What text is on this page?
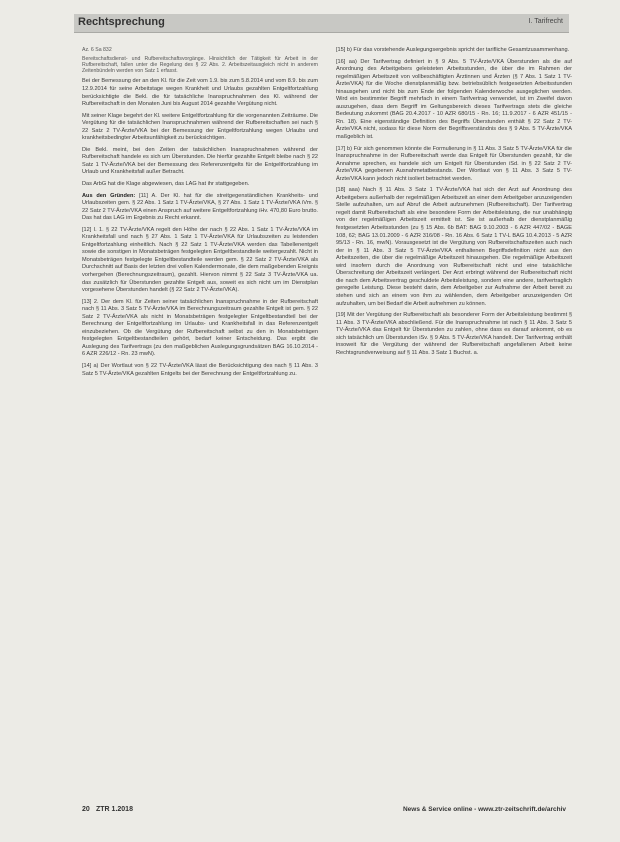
Rechtsprechung	I. Tarifrecht
Az. 6 Sa 832

Bereitschaftsdienst- und Rufbereitschaftsvorgänge. Hinsichtlich der Tätigkeit für Arbeit in der Rufbereitschaft, fallen unter die Regelung des § 22 Abs. 2. Arbeitszeitausgleich nicht in anderem Zeitenbündeln werden von Satz 1 erfasst.

Bei der Bemessung der an den Kl. für die Zeit vom 1.9. bis zum 5.8.2014 und vom 8.9. bis zum 12.9.2014 für seine Arbeitstage wegen Krankheit und Urlaubs gezahlten Entgeltfortzahlung berücksichtigte die Bekl. die für tatsächliche Inanspruchnahmen des Kl. während der Rufbereitschaft in den Monaten Juni bis August 2014 gezahlte Vergütung nicht.

Mit seiner Klage begehrt der Kl. weitere Entgeltfortzahlung für die vorgenannten Zeiträume. Die Vergütung für die tatsächlichen Inanspruchnahmen während der Rufbereitschaften sei nach § 22 Satz 2 TV-Ärzte/VKA bei der Bemessung der Entgeltfortzahlung wegen Urlaubs und krankheitsbedingter Arbeitsunfähigkeit zu berücksichtigen.

Die Bekl. meint, bei den Zeiten der tatsächlichen Inanspruchnahmen während der Rufbereitschaft handele es sich um Überstunden. Die hierfür gezahlte Entgelt bleibe nach § 22 Satz 1 TV-Ärzte/VKA bei der Bemessung des Referenzentgelts für die Entgeltfortzahlung im Urlaub und Krankheitsfall außer Betracht.

Das ArbG hat die Klage abgewiesen, das LAG hat ihr stattgegeben.

Aus den Gründen: [11] A. Der Kl. hat für die streitgegenständlichen Krankheits- und Urlaubszeiten gem. § 22 Abs. 1 Satz 1 TV-Ärzte/VKA, § 27 Abs. 1 Satz 1 TV-Ärzte/VKA iVm. § 22 Satz 2 TV-Ärzte/VKA einen Anspruch auf weitere Entgeltfortzahlung iHv. 470,80 Euro brutto. Das hat das LAG im Ergebnis zu Recht erkannt.

[12] I. 1. § 22 TV-Ärzte/VKA regelt den Höhe der nach § 22 Abs. 1 Satz 1 TV-Ärzte/VKA im Krankheitsfall und nach § 27 Abs. 1 Satz 1 TV-Ärzte/VKA für Urlaubszeiten zu leistenden Entgeltfortzahlung einheitlich. Nach § 22 Satz 1 TV-Ärzte/VKA werden das Tabellenentgelt sowie die sonstigen in Monatsbeträgen festgelegten Entgeltbestandteile weitergezahlt. Nicht in Monatsbeträgen festgelegte Entgeltbestandteile werden gem. § 22 Satz 2 TV-Ärzte/VKA als Durchschnitt auf Basis der letzten drei vollen Kalendermonate, die dem maßgebenden Ereignis vorhergehen (Berechnungszeitraum), gezahlt. Hiervon nimmt § 22 Satz 3 TV-Ärzte/VKA ua. das zusätzlich für Überstunden gezahlte Entgelt aus, soweit es sich nicht um im Dienstplan vorgesehene Überstunden handelt (§ 22 Satz 2 TV-Ärzte/VKA).

[13] 2. Der dem Kl. für Zeiten seiner tatsächlichen Inanspruchnahme in der Rufbereitschaft nach § 11 Abs. 3 Satz 5 TV-Ärzte/VKA im Berechnungszeitraum gezahlte Entgelt ist gem. § 22 Satz 2 TV-Ärzte/VKA als nicht in Monatsbeträgen festgelegter Entgeltbestandteil bei der Berechnung der Entgeltfortzahlung im Urlaubs- und Krankheitsfall in das Referenzentgelt einzubeziehen. Ob die Vergütung der Rufbereitschaft selbst zu den in Monatsbeträgen festgelegten Entgeltbestandteilen gehört, bedarf keiner Entscheidung. Das ergibt die Auslegung des Tarifvertrags (zu den maßgeblichen Auslegungsgrundsätzen BAG 16.10.2014 - 6 AZR 226/12 - Rn. 23 mwN).

[14] a) Der Wortlaut von § 22 TV-Ärzte/VKA lässt die Berücksichtigung des nach § 11 Abs. 3 Satz 5 TV-Ärzte/VKA gezahlten Entgelts bei der Berechnung der Entgeltfortzahlung zu.

[15] b) Für das vorstehende Auslegungsergebnis spricht der tarifliche Gesamtzusammenhang.

[16] aa) Der Tarifvertrag definiert in § 9 Abs. 5 TV-Ärzte/VKA Überstunden als die auf Anordnung des Arbeitgebers geleisteten Arbeitsstunden, die über die im Rahmen der regelmäßigen Arbeitszeit von vollbeschäftigten Ärztinnen und Ärzten (§ 7 Abs. 1 Satz 1 TV-Ärzte/VKA) für die Woche dienstplanmäßig bzw. betriebsüblich festgesetzten Arbeitsstunden hinausgehen und nicht bis zum Ende der folgenden Kalenderwoche ausgeglichen werden. Wird ein bestimmter Begriff mehrfach in einem Tarifvertrag verwendet, ist im Zweifel davon auszugehen, dass dem Begriff im Geltungsbereich dieses Tarifvertrags stets die gleiche Bedeutung zukommt (BAG 20.4.2017 - 10 AZR 680/15 - Rn. 16; 11.9.2017 - 6 AZR 451/15 - Rn. 18). Eine eigenständige Definition des Begriffs Überstunden enthält § 22 Satz 2 TV-Ärzte/VKA nicht, sodass für diese Norm der Begriffsverständnis des § 9 Abs. 5 TV-Ärzte/VKA maßgeblich ist.

[17] b) Für sich genommen könnte die Formulierung in § 11 Abs. 3 Satz 5 TV-Ärzte/VKA für die Inanspruchnahme in der Rufbereitschaft werde das Entgelt für Überstunden gezahlt, für die Annahme sprechen, es handele sich um Entgelt für Überstunden iSd. in § 22 Satz 2 TV-Ärzte/VKA gegebenen Ausnahmetatbestands. Der Wortlaut von § 11 Abs. 3 Satz 5 TV-Ärzte/VKA kann jedoch nicht isoliert betrachtet werden.

[18] aaa) Nach § 11 Abs. 3 Satz 1 TV-Ärzte/VKA hat sich der Arzt auf Anordnung des Arbeitgebers außerhalb der regelmäßigen Arbeitszeit an einer dem Arbeitgeber anzuzeigenden Stelle aufzuhalten, um auf Abruf die Arbeit aufzunehmen (Rufbereitschaft). Der Tarifvertrag regelt damit Rufbereitschaft als eine besondere Form der Arbeitsleistung, die nur unabhängig von der regelmäßigen Arbeitszeit ermittelt ist. Sie ist außerhalb der dienstplanmäßig festgesetzten Arbeitsstunden (zu § 15 Abs. 6b BAT: BAG 9.10.2003 - 6 AZR 447/02 - BAGE 108, 62; BAG 13.01.2009 - 6 AZR 316/08 - Rn. 16 Abs. 6 Satz 1 TV-L BAG 10.4.2013 - 5 AZR 95/13 - Rn. 16, mwN). Vorausgesetzt ist die Vergütung von Rufbereitschaftszeiten auch nach der in § 11 Abs. 3 Satz 5 TV-Ärzte/VKA enthaltenen Begriffsdefinition nicht aus den Arbeitszeiten, die über die regelmäßige Arbeitszeit hinausgehen. Die regelmäßige Arbeitszeit wird insofern durch die Anordnung von Rufbereitschaft nicht und eine tatsächliche Überschreitung der Arbeitszeit verlängert. Der Arzt erbringt während der Rufbereitschaft nicht die nach dem Arbeitsvertrag geschuldete Arbeitsleistung, sondern eine andere, tarifvertraglich geregelte Leistung. Diese besteht darin, dem Arbeitgeber zur Aufnahme der Arbeit bereit zu stehen und sich an einem von ihm zu wählenden, dem Arbeitgeber anzuzeigenden Ort aufzuhalten, um bei Bedarf die Arbeit aufnehmen zu können.

[19] Mit der Vergütung der Rufbereitschaft als besonderer Form der Arbeitsleistung bestimmt § 11 Abs. 3 TV-Ärzte/VKA abschließend. Für die Inanspruchnahme ist nach § 11 Abs. 3 Satz 5 TV-Ärzte/VKA das Entgelt für Überstunden zu zahlen, ohne dass es darauf ankommt, ob es sich tatsächlich um Überstunden iSv. § 9 Abs. 5 TV-Ärzte/VKA handelt. Der Tarifvertrag enthält insoweit für die Vergütung der während der Rufbereitschaft angefallenen Arbeit keine Rechtsgrundverweisung auf § 11 Abs. 3 Satz 1 Buchst. a.

20 ZTR 1.2018	News & Service online - www.ztr-zeitschrift.de/archiv
